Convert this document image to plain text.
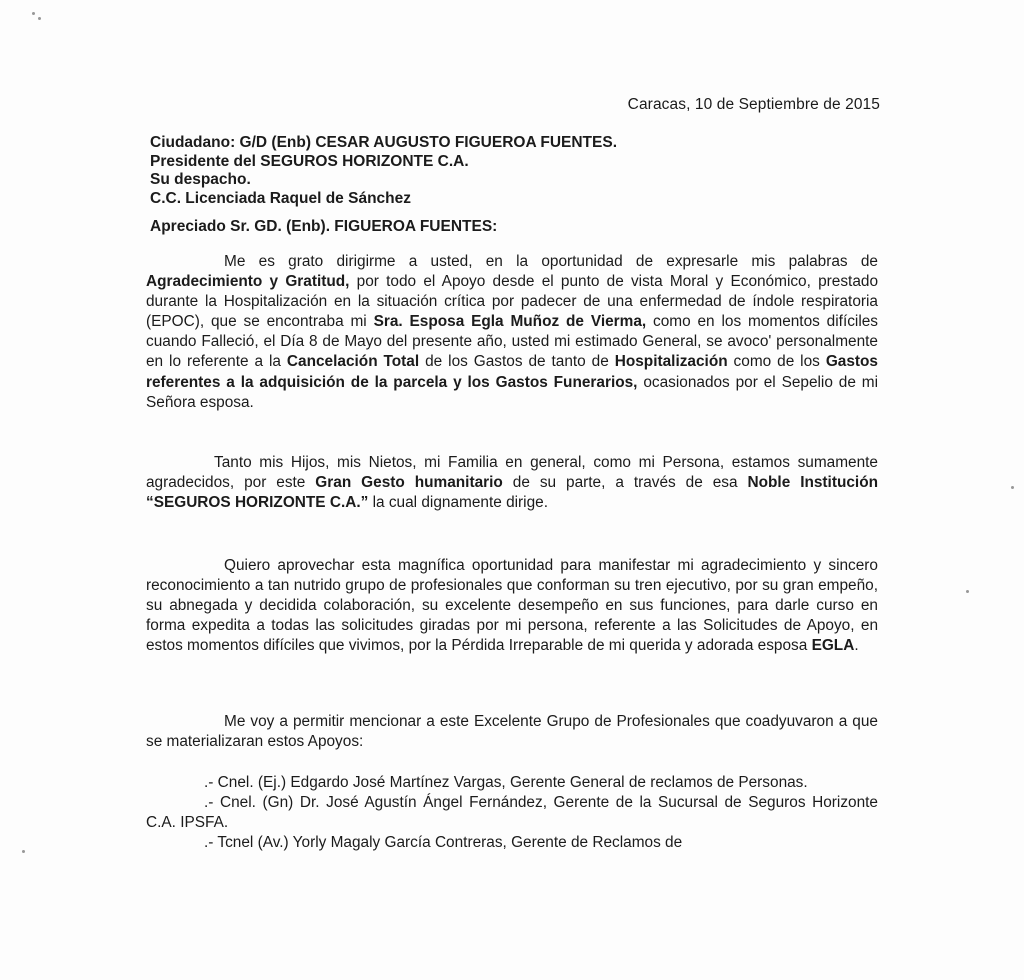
Caracas, 10 de Septiembre de 2015
Ciudadano: G/D (Enb) CESAR AUGUSTO FIGUEROA FUENTES.
Presidente del SEGUROS HORIZONTE C.A.
Su despacho.
C.C. Licenciada Raquel de Sánchez
Apreciado Sr. GD. (Enb). FIGUEROA FUENTES:
Me es grato dirigirme a usted, en la oportunidad de expresarle mis palabras de Agradecimiento y Gratitud, por todo el Apoyo desde el punto de vista Moral y Económico, prestado durante la Hospitalización en la situación crítica por padecer de una enfermedad de índole respiratoria (EPOC), que se encontraba mi Sra. Esposa Egla Muñoz de Vierma, como en los momentos difíciles cuando Falleció, el Día 8 de Mayo del presente año, usted mi estimado General, se avoco' personalmente en lo referente a la Cancelación Total de los Gastos de tanto de Hospitalización como de los Gastos referentes a la adquisición de la parcela y los Gastos Funerarios, ocasionados por el Sepelio de mi Señora esposa.
Tanto mis Hijos, mis Nietos, mi Familia en general, como mi Persona, estamos sumamente agradecidos, por este Gran Gesto humanitario de su parte, a través de esa Noble Institución “SEGUROS HORIZONTE C.A.” la cual dignamente dirige.
Quiero aprovechar esta magnífica oportunidad para manifestar mi agradecimiento y sincero reconocimiento a tan nutrido grupo de profesionales que conforman su tren ejecutivo, por su gran empeño, su abnegada y decidida colaboración, su excelente desempeño en sus funciones, para darle curso en forma expedita a todas las solicitudes giradas por mi persona, referente a las Solicitudes de Apoyo, en estos momentos difíciles que vivimos, por la Pérdida Irreparable de mi querida y adorada esposa EGLA.
Me voy a permitir mencionar a este Excelente Grupo de Profesionales que coadyuvaron a que se materializaran estos Apoyos:
.- Cnel. (Ej.) Edgardo José Martínez Vargas, Gerente General de reclamos de Personas.
.- Cnel. (Gn) Dr. José Agustín Ángel Fernández, Gerente de la Sucursal de Seguros Horizonte C.A. IPSFA.
.- Tcnel (Av.) Yorly Magaly García Contreras, Gerente de Reclamos de
